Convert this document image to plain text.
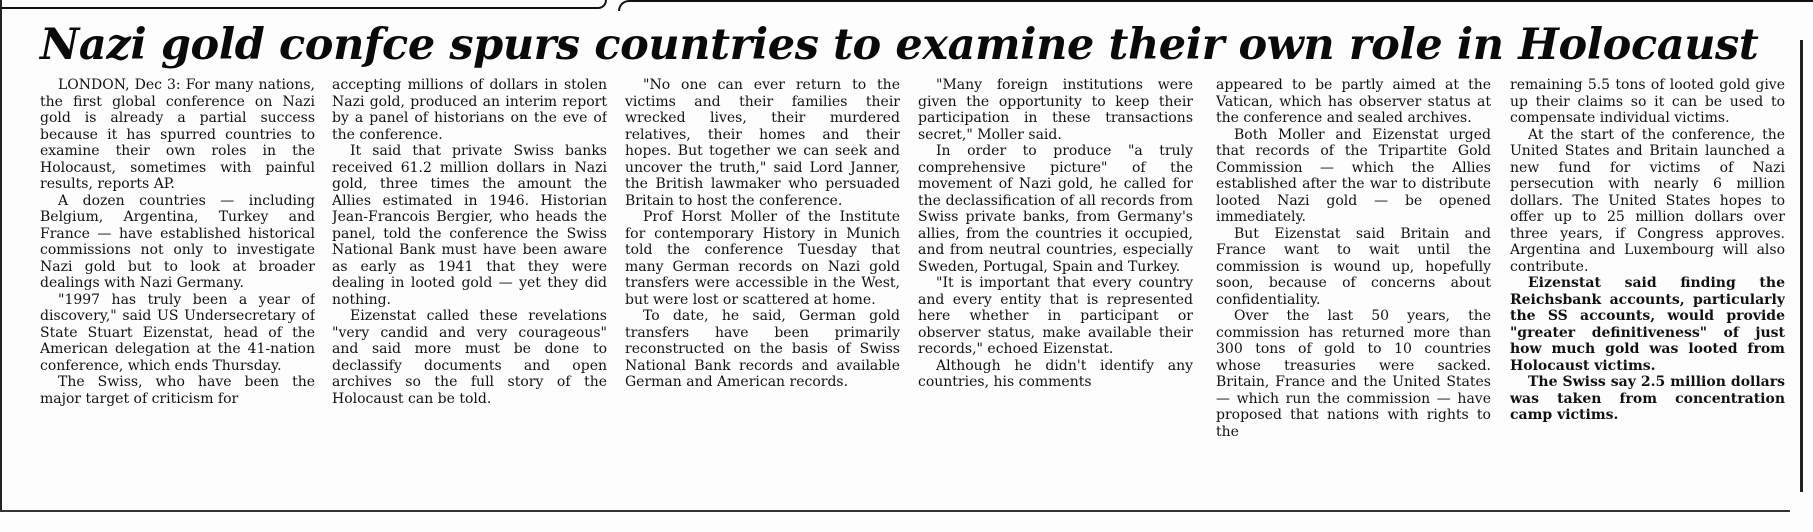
Nazi gold confce spurs countries to examine their own role in Holocaust

LONDON, Dec 3: For many nations, the first global conference on Nazi gold is already a partial success because it has spurred countries to examine their own roles in the Holocaust, sometimes with painful results, reports AP.

A dozen countries — including Belgium, Argentina, Turkey and France — have established historical commissions not only to investigate Nazi gold but to look at broader dealings with Nazi Germany.

"1997 has truly been a year of discovery," said US Undersecretary of State Stuart Eizenstat, head of the American delegation at the 41-nation conference, which ends Thursday.

The Swiss, who have been the major target of criticism for

accepting millions of dollars in stolen Nazi gold, produced an interim report by a panel of historians on the eve of the conference.

It said that private Swiss banks received 61.2 million dollars in Nazi gold, three times the amount the Allies estimated in 1946. Historian Jean-Francois Bergier, who heads the panel, told the conference the Swiss National Bank must have been aware as early as 1941 that they were dealing in looted gold — yet they did nothing.

Eizenstat called these revelations "very candid and very courageous" and said more must be done to declassify documents and open archives so the full story of the Holocaust can be told.

"No one can ever return to the victims and their families their wrecked lives, their murdered relatives, their homes and their hopes. But together we can seek and uncover the truth," said Lord Janner, the British lawmaker who persuaded Britain to host the conference.

Prof Horst Moller of the Institute for contemporary History in Munich told the conference Tuesday that many German records on Nazi gold transfers were accessible in the West, but were lost or scattered at home.

To date, he said, German gold transfers have been primarily reconstructed on the basis of Swiss National Bank records and available German and American records.

"Many foreign institutions were given the opportunity to keep their participation in these transactions secret," Moller said.

In order to produce "a truly comprehensive picture" of the movement of Nazi gold, he called for the declassification of all records from Swiss private banks, from Germany's allies, from the countries it occupied, and from neutral countries, especially Sweden, Portugal, Spain and Turkey.

"It is important that every country and every entity that is represented here whether in participant or observer status, make available their records," echoed Eizenstat.

Although he didn't identify any countries, his comments

appeared to be partly aimed at the Vatican, which has observer status at the conference and sealed archives.

Both Moller and Eizenstat urged that records of the Tripartite Gold Commission — which the Allies established after the war to distribute looted Nazi gold — be opened immediately.

But Eizenstat said Britain and France want to wait until the commission is wound up, hopefully soon, because of concerns about confidentiality.

Over the last 50 years, the commission has returned more than 300 tons of gold to 10 countries whose treasuries were sacked. Britain, France and the United States — which run the commission — have proposed that nations with rights to the

remaining 5.5 tons of looted gold give up their claims so it can be used to compensate individual victims.

At the start of the conference, the United States and Britain launched a new fund for victims of Nazi persecution with nearly 6 million dollars. The United States hopes to offer up to 25 million dollars over three years, if Congress approves. Argentina and Luxembourg will also contribute.

Eizenstat said finding the Reichsbank accounts, particularly the SS accounts, would provide "greater definitiveness" of just how much gold was looted from Holocaust victims.

The Swiss say 2.5 million dollars was taken from concentration camp victims.
